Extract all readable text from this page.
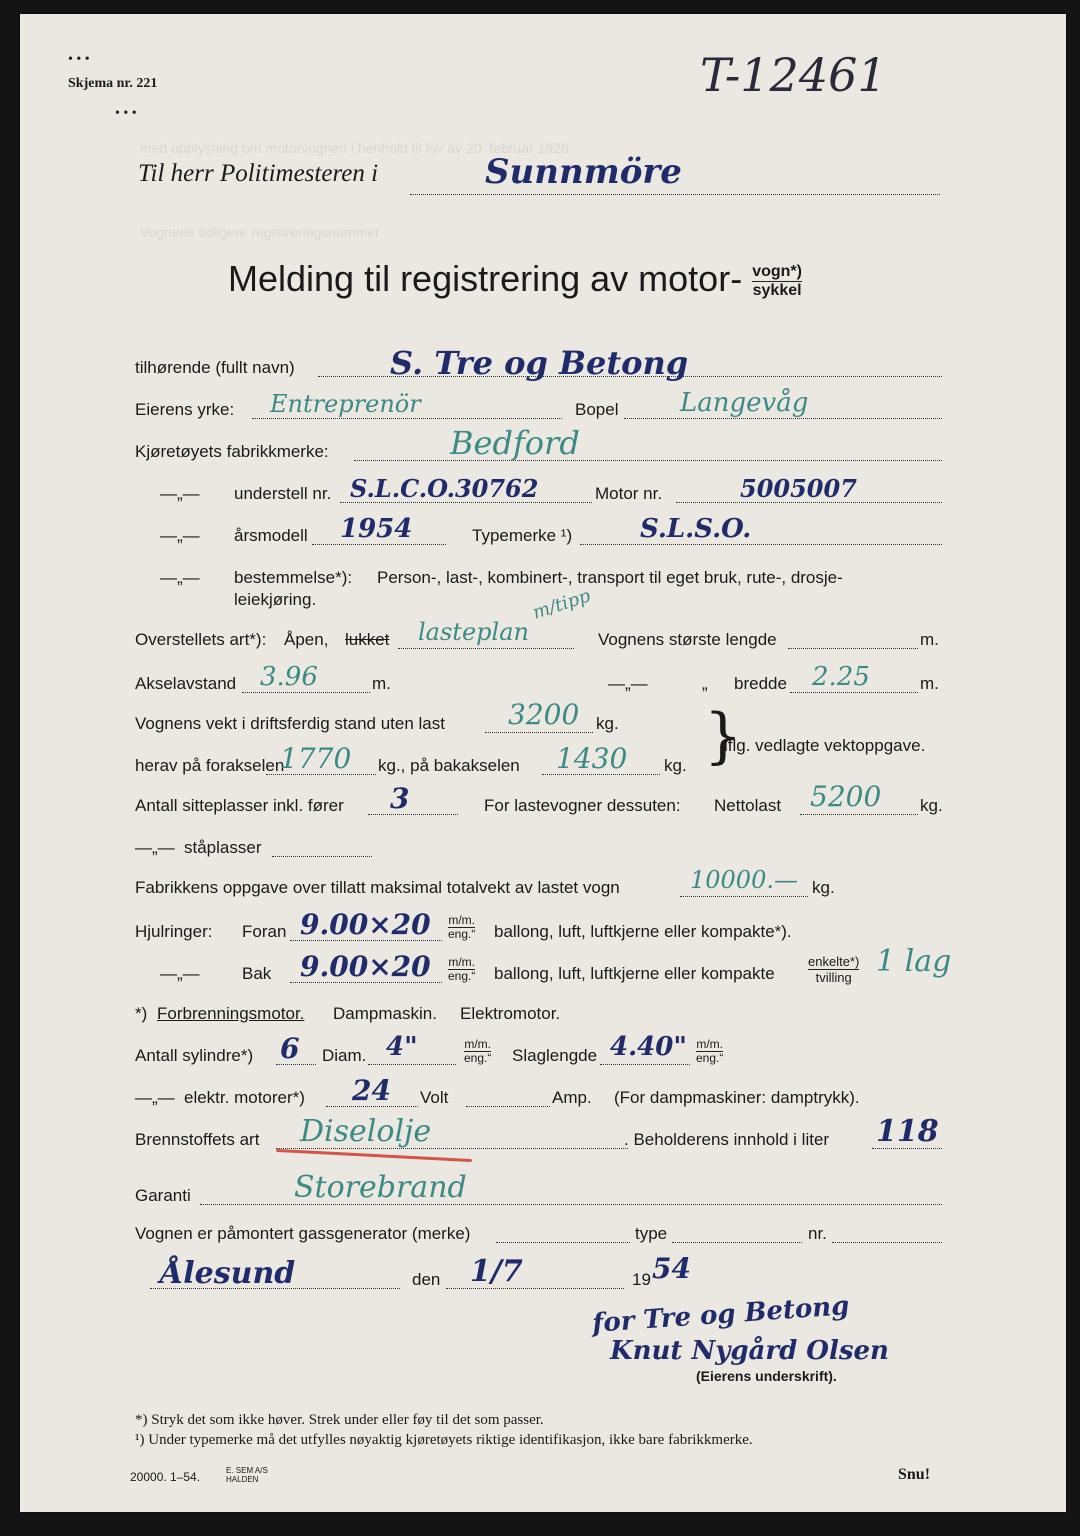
• • •
Skjema nr. 221
• • •
T-12461
Til herr Politimesteren i	Sunnmöre
med opplysning om motorvognen i henhold til lov av 20. februar 1926
Vognens tidligere registreringsnummer
Melding til registrering av motor- $\frac{\text{vogn*)}}{\text{sykkel}}$
tilhørende (fullt navn)	S. Tre og Betong
Eierens yrke: Entreprenör	Bopel Langevåg
Kjøretøyets fabrikkmerke:	Bedford
—„— understell nr. S.L.C.O.30762	Motor nr.	5005007
—„— årsmodell 1954	Typemerke ¹)	S.L.S.O.
—„— bestemmelse*): Person-, last-, kombinert-, transport til eget bruk, rute-, drosje-
leiekjøring.
Overstellets art*): Åpen, lukket lasteplan
m/tipp
Vognens største lengde	m.
Akselavstand 3.96	m.	—„—	„ bredde 2.25	m.
Vognens vekt i driftsferdig stand uten last 3200 kg.
herav på forakselen
1770 kg., på bakakselen 1430 kg. }
iflg. vedlagte vektoppgave.
Antall sitteplasser inkl. fører 3	For lastevogner dessuten: Nettolast 5200 kg.
—„— ståplasser
Fabrikkens oppgave over tillatt maksimal totalvekt av lastet vogn	10000.— kg.
Hjulringer: Foran $9.00\times 20 \frac{m/m.}{\text{eng.“}}$ ballong, luft, luftkjerne eller kompakte*).
—„— Bak $9.00\times 20 \frac{m/m.}{\text{eng.“}}$ ballong, luft, luftkjerne eller kompakte	$\frac{\text{enkelte*)}}{\text{tvilling}} 1$ lag
*) Forbrenningsmotor. Dampmaskin. Elektromotor.
Antall sylindre*) 6 Diam. 4"	$\frac{m/m.}{\text{eng.“}}$ Slaglengde 4.40" $\frac{m/m.}{\text{eng.“}}$
—„— elektr. motorer*) 24 Volt	Amp. (For dampmaskiner: damptrykk).
Brennstoffets art Diselolje	. Beholderens innhold i liter 118
Garanti	Storebrand
Vognen er påmontert gassgenerator (merke)	type	nr.
Ålesund	den 1/7	19 54
for Tre og Betong
Knut Nygård Olsen
(Eierens underskrift).
*) Stryk det som ikke høver. Strek under eller føy til det som passer.
¹) Under typemerke må det utfylles nøyaktig kjøretøyets riktige identifikasjon, ikke bare fabrikkmerke.
20000. 1–54.	E. SEM A/S
HALDEN	Snu!
